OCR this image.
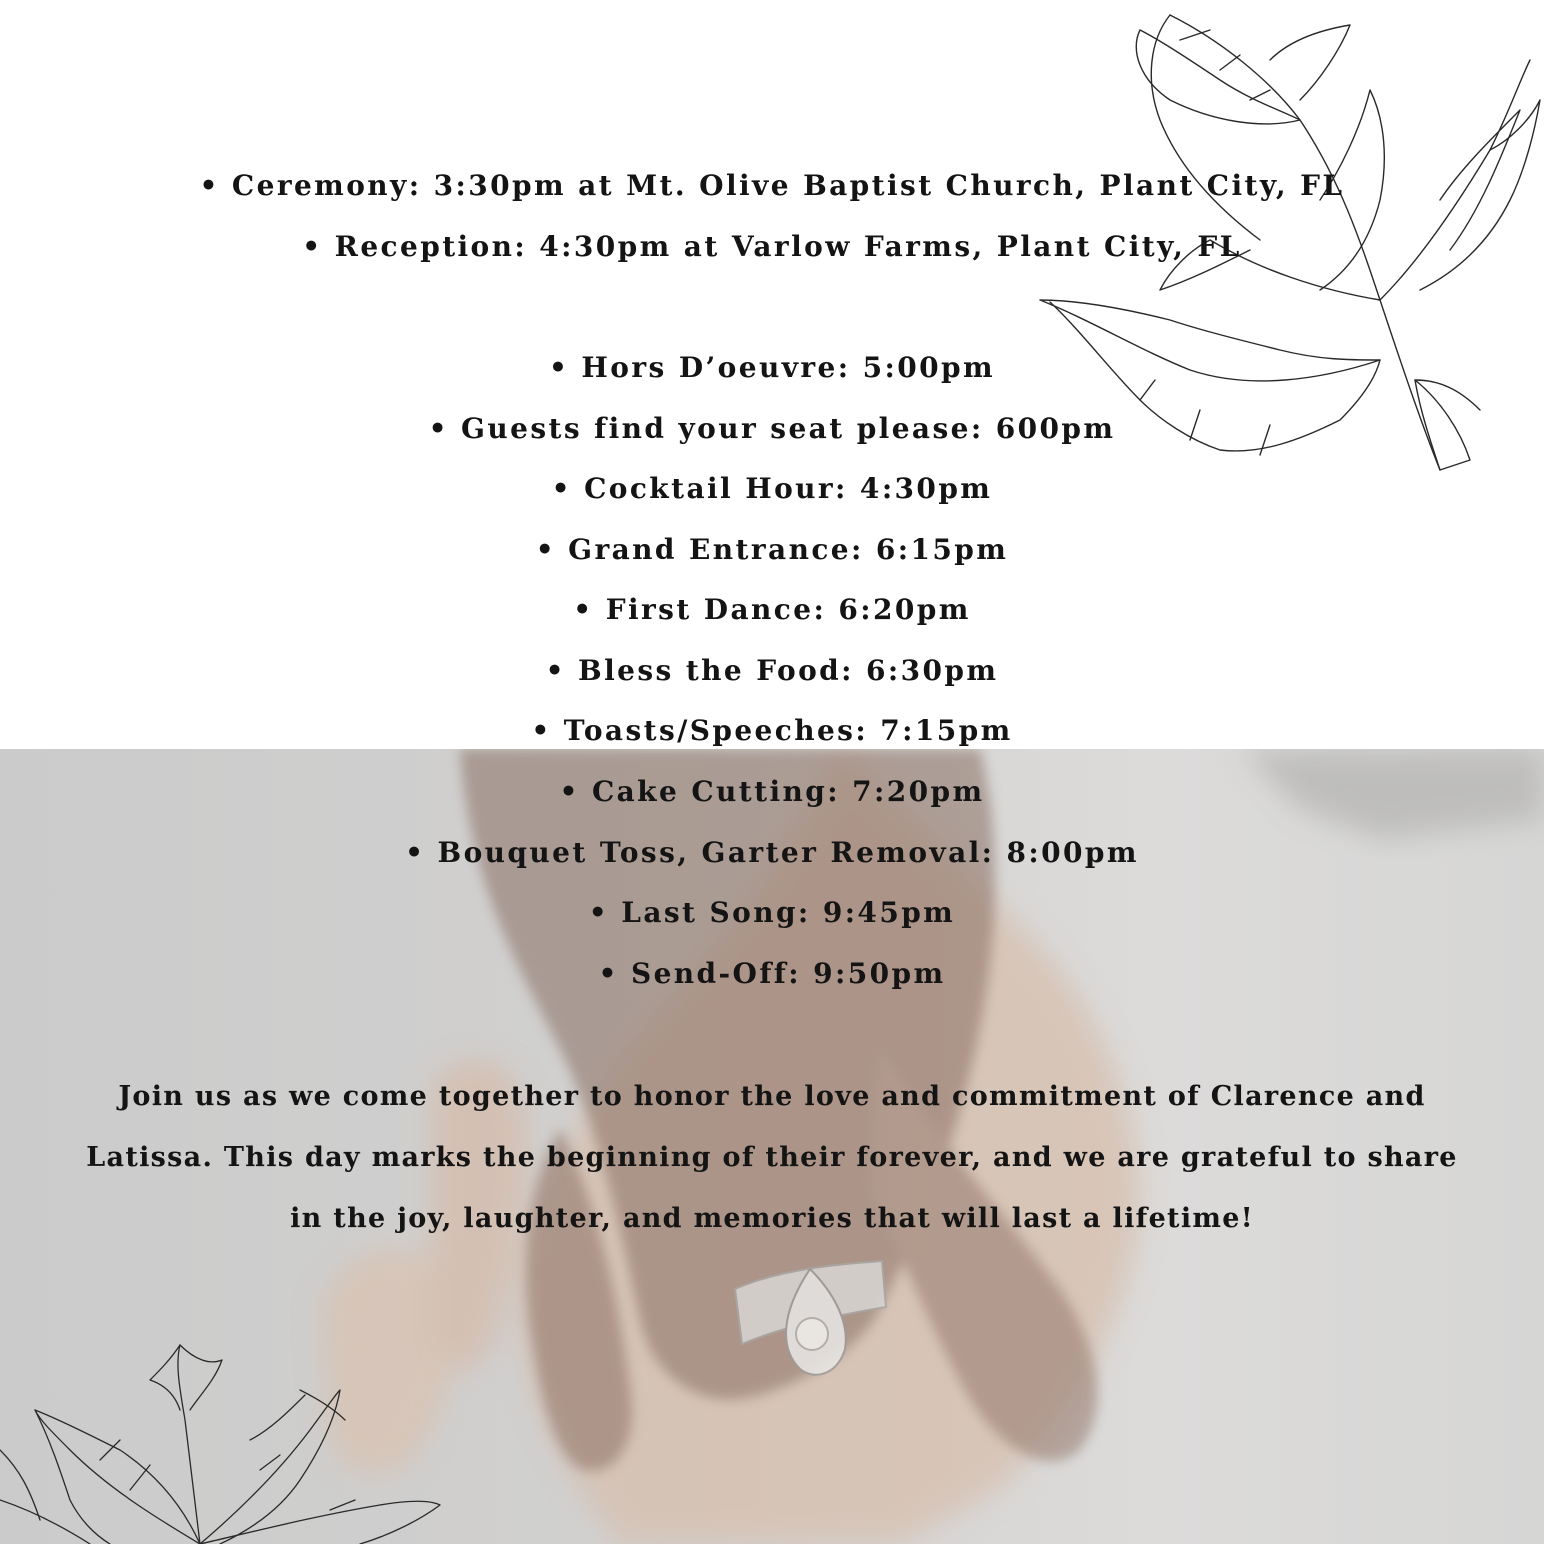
• Ceremony: 3:30pm at Mt. Olive Baptist Church, Plant City, FL
• Reception: 4:30pm at Varlow Farms, Plant City, FL
• Hors D’oeuvre: 5:00pm
• Guests find your seat please: 600pm
• Cocktail Hour: 4:30pm
• Grand Entrance: 6:15pm
• First Dance: 6:20pm
• Bless the Food: 6:30pm
• Toasts/Speeches: 7:15pm
• Cake Cutting: 7:20pm
• Bouquet Toss, Garter Removal: 8:00pm
• Last Song: 9:45pm
• Send-Off: 9:50pm

Join us as we come together to honor the love and commitment of Clarence and
Latissa. This day marks the beginning of their forever, and we are grateful to share
in the joy, laughter, and memories that will last a lifetime!
